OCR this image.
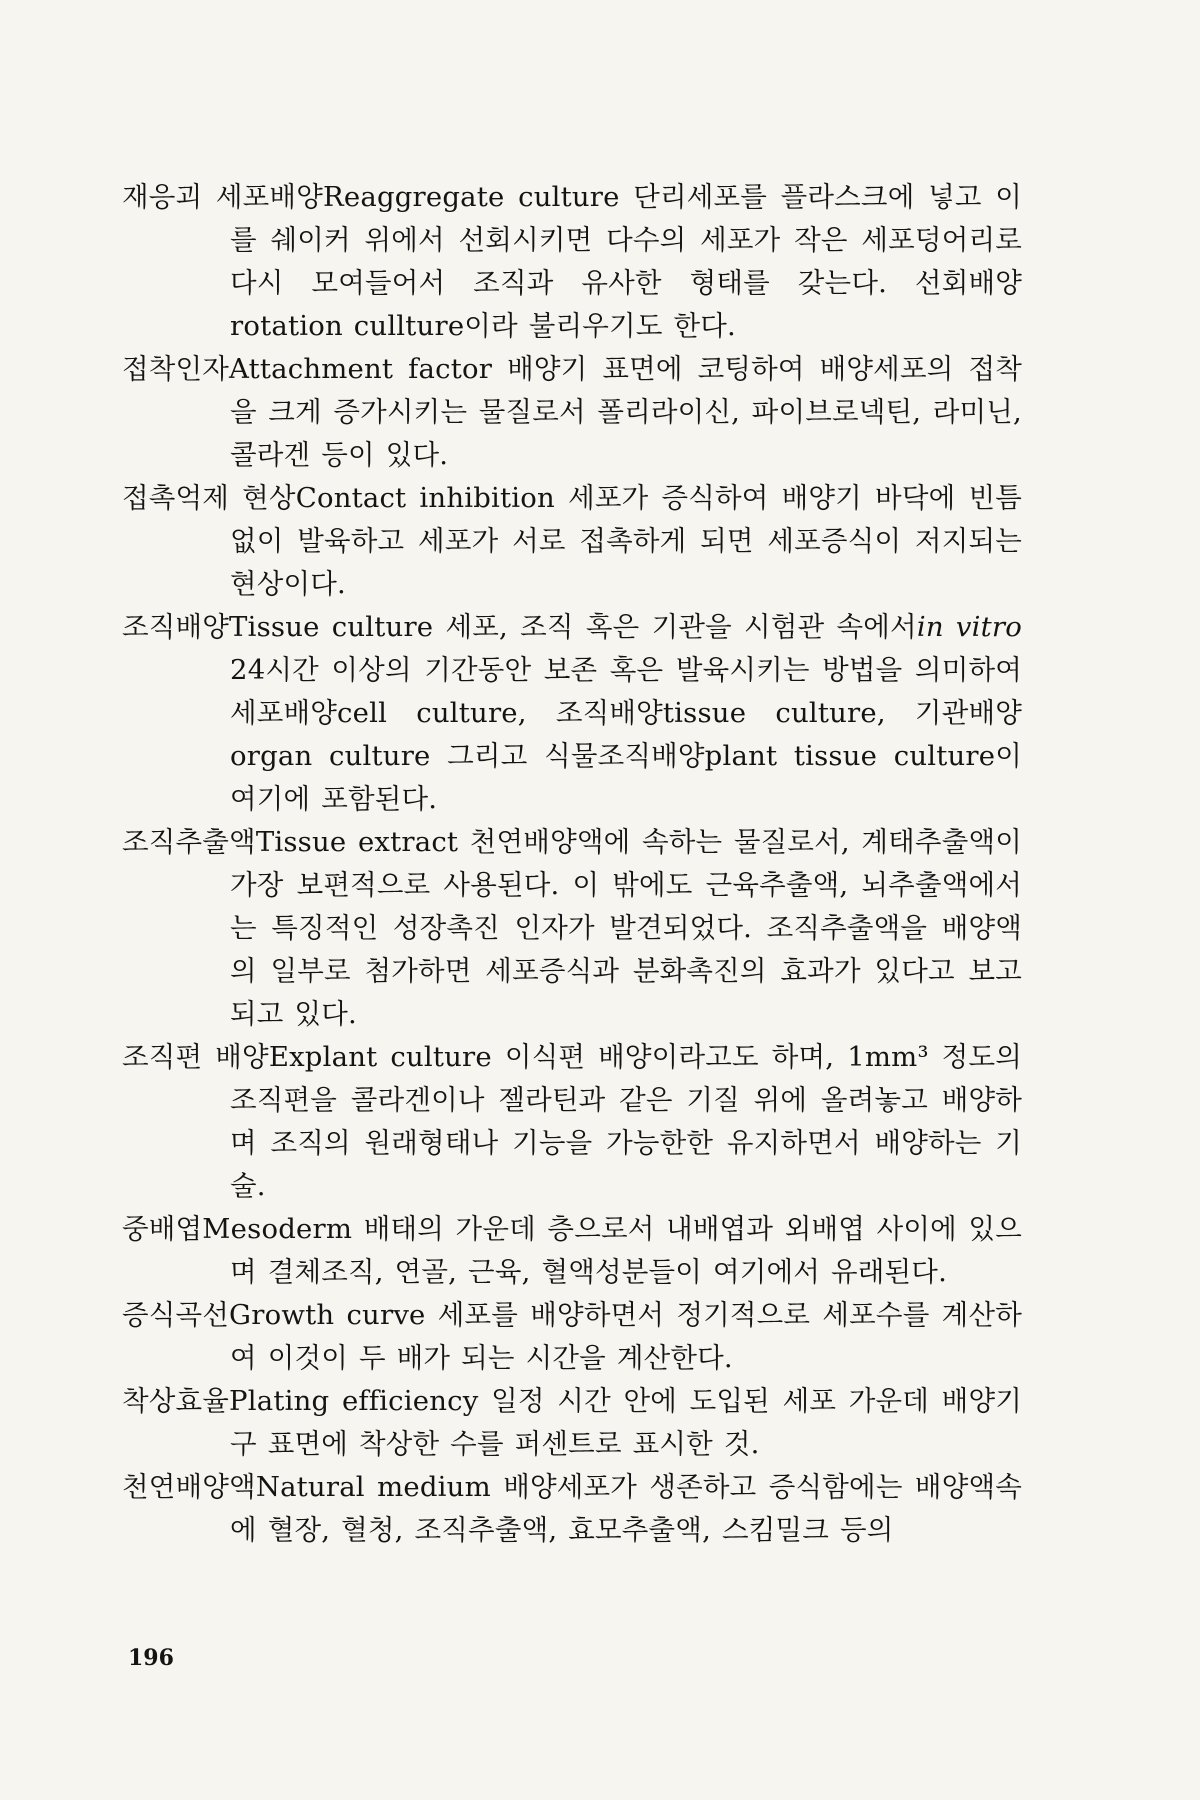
재응괴 세포배양Reaggregate culture 단리세포를 플라스크에 넣고 이를 쉐이커 위에서 선회시키면 다수의 세포가 작은 세포덩어리로 다시 모여들어서 조직과 유사한 형태를 갖는다. 선회배양rotation cullture이라 불리우기도 한다.

접착인자Attachment factor 배양기 표면에 코팅하여 배양세포의 접착을 크게 증가시키는 물질로서 폴리라이신, 파이브로넥틴, 라미닌, 콜라겐 등이 있다.

접촉억제 현상Contact inhibition 세포가 증식하여 배양기 바닥에 빈틈없이 발육하고 세포가 서로 접촉하게 되면 세포증식이 저지되는 현상이다.

조직배양Tissue culture 세포, 조직 혹은 기관을 시험관 속에서in vitro 24시간 이상의 기간동안 보존 혹은 발육시키는 방법을 의미하여 세포배양cell culture, 조직배양tissue culture, 기관배양organ culture 그리고 식물조직배양plant tissue culture이 여기에 포함된다.

조직추출액Tissue extract 천연배양액에 속하는 물질로서, 계태추출액이 가장 보편적으로 사용된다. 이 밖에도 근육추출액, 뇌추출액에서는 특징적인 성장촉진 인자가 발견되었다. 조직추출액을 배양액의 일부로 첨가하면 세포증식과 분화촉진의 효과가 있다고 보고되고 있다.

조직편 배양Explant culture 이식편 배양이라고도 하며, 1mm³ 정도의 조직편을 콜라겐이나 젤라틴과 같은 기질 위에 올려놓고 배양하며 조직의 원래형태나 기능을 가능한한 유지하면서 배양하는 기술.

중배엽Mesoderm 배태의 가운데 층으로서 내배엽과 외배엽 사이에 있으며 결체조직, 연골, 근육, 혈액성분들이 여기에서 유래된다.

증식곡선Growth curve 세포를 배양하면서 정기적으로 세포수를 계산하여 이것이 두 배가 되는 시간을 계산한다.

착상효율Plating efficiency 일정 시간 안에 도입된 세포 가운데 배양기구 표면에 착상한 수를 퍼센트로 표시한 것.

천연배양액Natural medium 배양세포가 생존하고 증식함에는 배양액속에 혈장, 혈청, 조직추출액, 효모추출액, 스킴밀크 등의

196
